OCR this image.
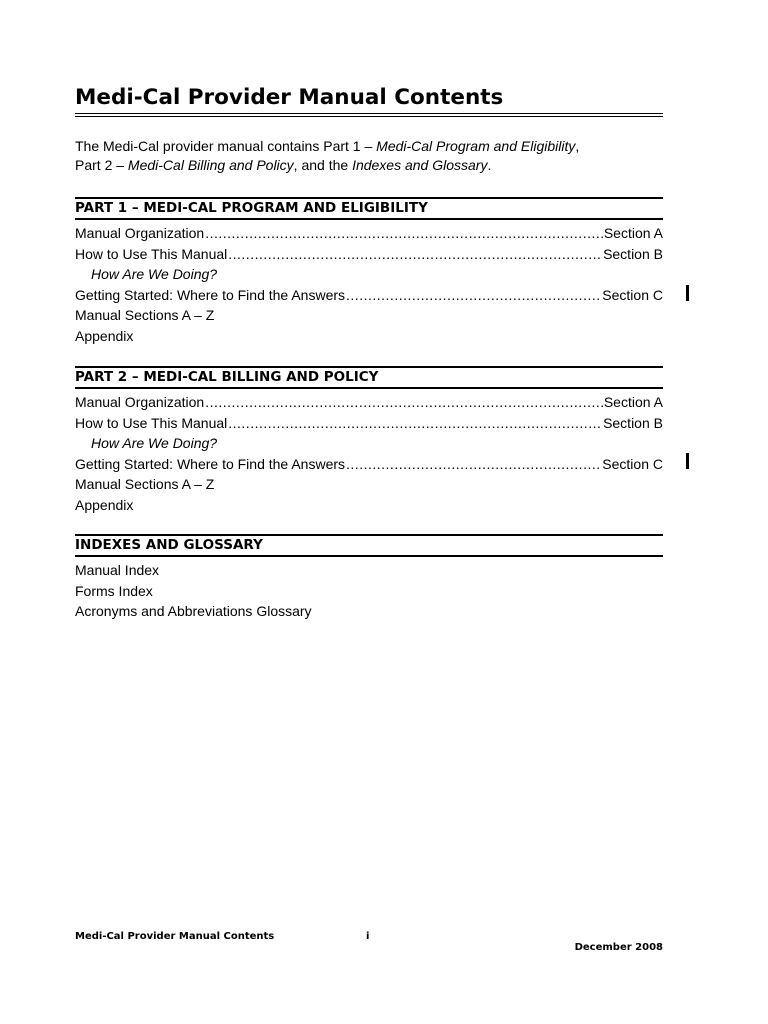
Medi-Cal Provider Manual Contents
The Medi-Cal provider manual contains Part 1 – Medi-Cal Program and Eligibility,
Part 2 – Medi-Cal Billing and Policy, and the Indexes and Glossary.
PART 1 – MEDI-CAL PROGRAM AND ELIGIBILITY
Manual Organization .....	Section A
How to Use This Manual .....	Section B
How Are We Doing?
Getting Started: Where to Find the Answers .....	Section C
Manual Sections A – Z
Appendix
PART 2 – MEDI-CAL BILLING AND POLICY
Manual Organization .....	Section A
How to Use This Manual .....	Section B
How Are We Doing?
Getting Started: Where to Find the Answers .....	Section C
Manual Sections A – Z
Appendix
INDEXES AND GLOSSARY
Manual Index
Forms Index
Acronyms and Abbreviations Glossary
Medi-Cal Provider Manual Contents	i
December 2008
